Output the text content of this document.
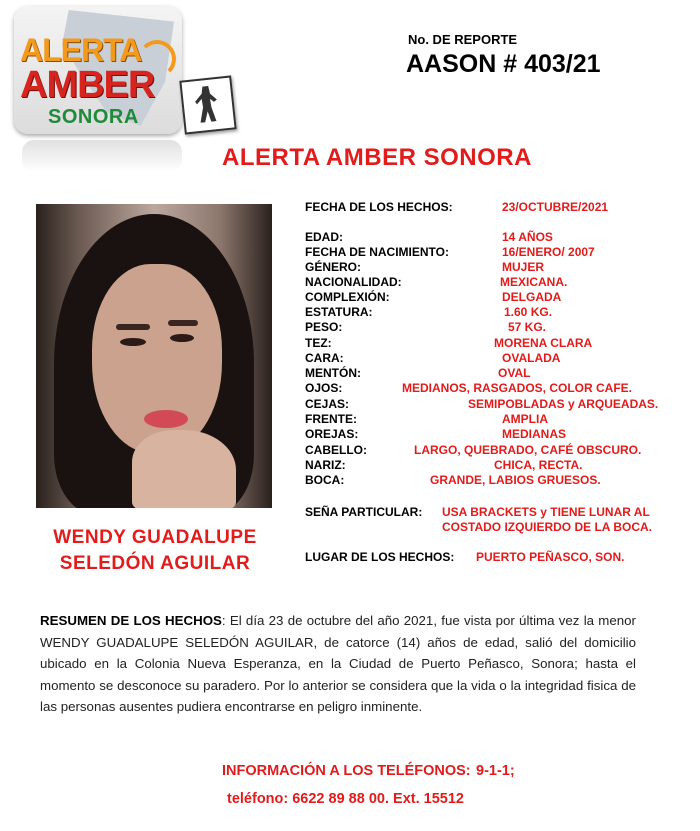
ALERTA
AMBER
SONORA
No. DE REPORTE
AASON # 403/21
ALERTA AMBER SONORA
WENDY GUADALUPE
SELEDÓN AGUILAR
FECHA DE LOS HECHOS:	23/OCTUBRE/2021
EDAD:	14 AÑOS
FECHA DE NACIMIENTO:	16/ENERO/ 2007
GÉNERO:	MUJER
NACIONALIDAD:	MEXICANA.
COMPLEXIÓN:	DELGADA
ESTATURA:	1.60 KG.
PESO:	57 KG.
TEZ:	MORENA CLARA
CARA:	OVALADA
MENTÓN:	OVAL
OJOS:	MEDIANOS, RASGADOS, COLOR CAFE.
CEJAS:	SEMIPOBLADAS y ARQUEADAS.
FRENTE:	AMPLIA
OREJAS:	MEDIANAS
CABELLO:	LARGO, QUEBRADO, CAFÉ OBSCURO.
NARIZ:	CHICA, RECTA.
BOCA:	GRANDE, LABIOS GRUESOS.
SEÑA PARTICULAR: USA BRACKETS y TIENE LUNAR AL
COSTADO IZQUIERDO DE LA BOCA.
LUGAR DE LOS HECHOS: PUERTO PEÑASCO, SON.
RESUMEN DE LOS HECHOS: El día 23 de octubre del año 2021, fue vista por última vez la menor WENDY GUADALUPE SELEDÓN AGUILAR, de catorce (14) años de edad, salió del domicilio ubicado en la Colonia Nueva Esperanza, en la Ciudad de Puerto Peñasco, Sonora; hasta el momento se desconoce su paradero. Por lo anterior se considera que la vida o la integridad fisica de las personas ausentes pudiera encontrarse en peligro inminente.
INFORMACIÓN A LOS TELÉFONOS: 9-1-1;
teléfono: 6622 89 88 00. Ext. 15512
